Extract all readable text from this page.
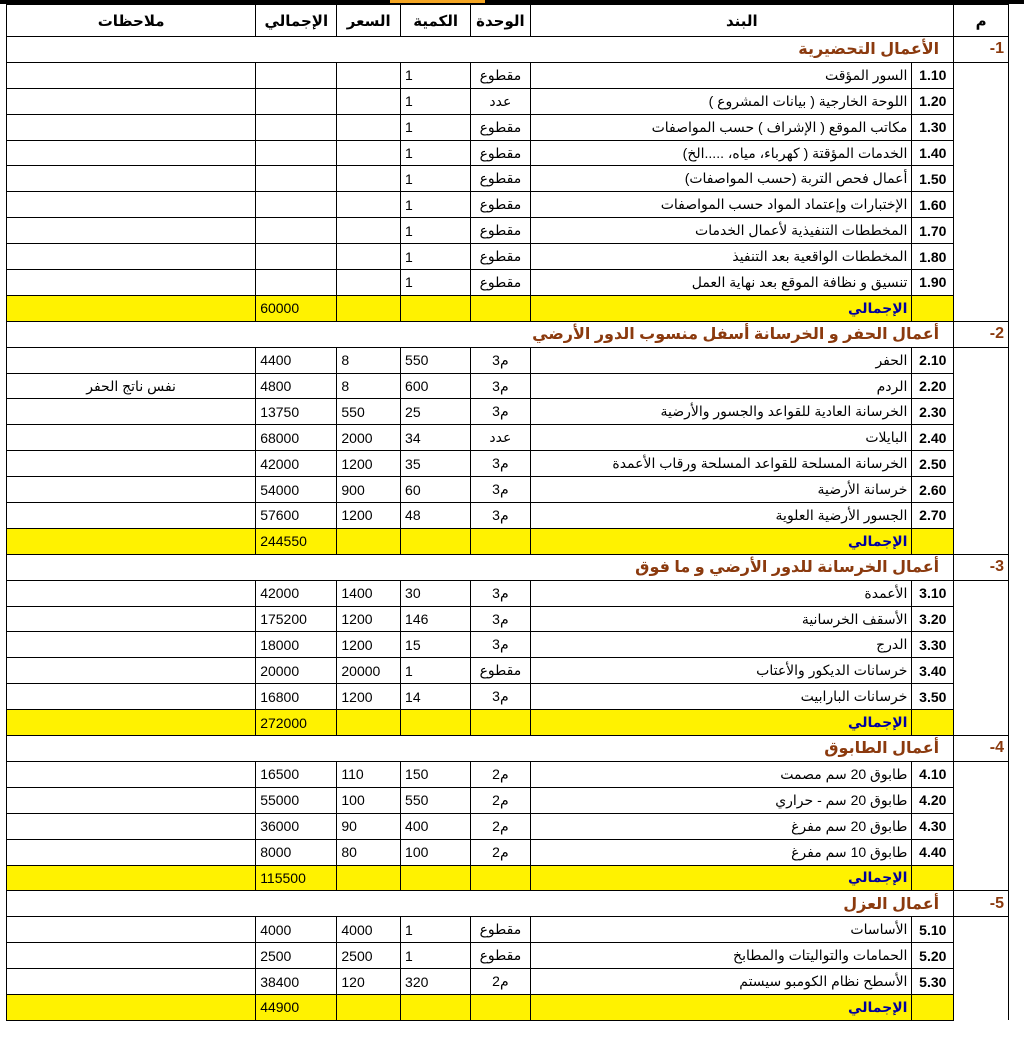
م	البند		الوحدة	الكمية	السعر	الإجمالي	ملاحظات
1-	الأعمال التحضيرية						
	1.10	السور المؤقت	مقطوع	1			
	1.20	اللوحة الخارجية ( بيانات المشروع )	عدد	1			
	1.30	مكاتب الموقع ( الإشراف ) حسب المواصفات	مقطوع	1			
	1.40	الخدمات المؤقتة ( كهرباء، مياه، .....الخ)	مقطوع	1			
	1.50	أعمال فحص التربة (حسب المواصفات)	مقطوع	1			
	1.60	الإختبارات وإعتماد المواد حسب المواصفات	مقطوع	1			
	1.70	المخططات التنفيذية لأعمال الخدمات	مقطوع	1			
	1.80	المخططات الواقعية بعد التنفيذ	مقطوع	1			
	1.90	تنسيق و نظافة الموقع بعد نهاية العمل	مقطوع	1			
		الإجمالي				60000	
2-	أعمال الحفر و الخرسانة أسفل منسوب الدور الأرضي						
	2.10	الحفر	م3	550	8	4400	
	2.20	الردم	م3	600	8	4800	نفس ناتج الحفر
	2.30	الخرسانة العادية للقواعد والجسور والأرضية	م3	25	550	13750	
	2.40	البايلات	عدد	34	2000	68000	
	2.50	الخرسانة المسلحة للقواعد المسلحة ورقاب الأعمدة	م3	35	1200	42000	
	2.60	خرسانة الأرضية	م3	60	900	54000	
	2.70	الجسور الأرضية العلوية	م3	48	1200	57600	
		الإجمالي				244550	
3-	أعمال الخرسانة للدور الأرضي و ما فوق						
	3.10	الأعمدة	م3	30	1400	42000	
	3.20	الأسقف الخرسانية	م3	146	1200	175200	
	3.30	الدرج	م3	15	1200	18000	
	3.40	خرسانات الديكور والأعتاب	مقطوع	1	20000	20000	
	3.50	خرسانات البارابيت	م3	14	1200	16800	
		الإجمالي				272000	
4-	أعمال الطابوق						
	4.10	طابوق 20 سم مصمت	م2	150	110	16500	
	4.20	طابوق 20 سم - حراري	م2	550	100	55000	
	4.30	طابوق 20 سم مفرغ	م2	400	90	36000	
	4.40	طابوق 10 سم مفرغ	م2	100	80	8000	
		الإجمالي				115500	
5-	أعمال العزل						
	5.10	الأساسات	مقطوع	1	4000	4000	
	5.20	الحمامات والتواليتات والمطابخ	مقطوع	1	2500	2500	
	5.30	الأسطح نظام الكومبو سيستم	م2	320	120	38400	
		الإجمالي				44900	
